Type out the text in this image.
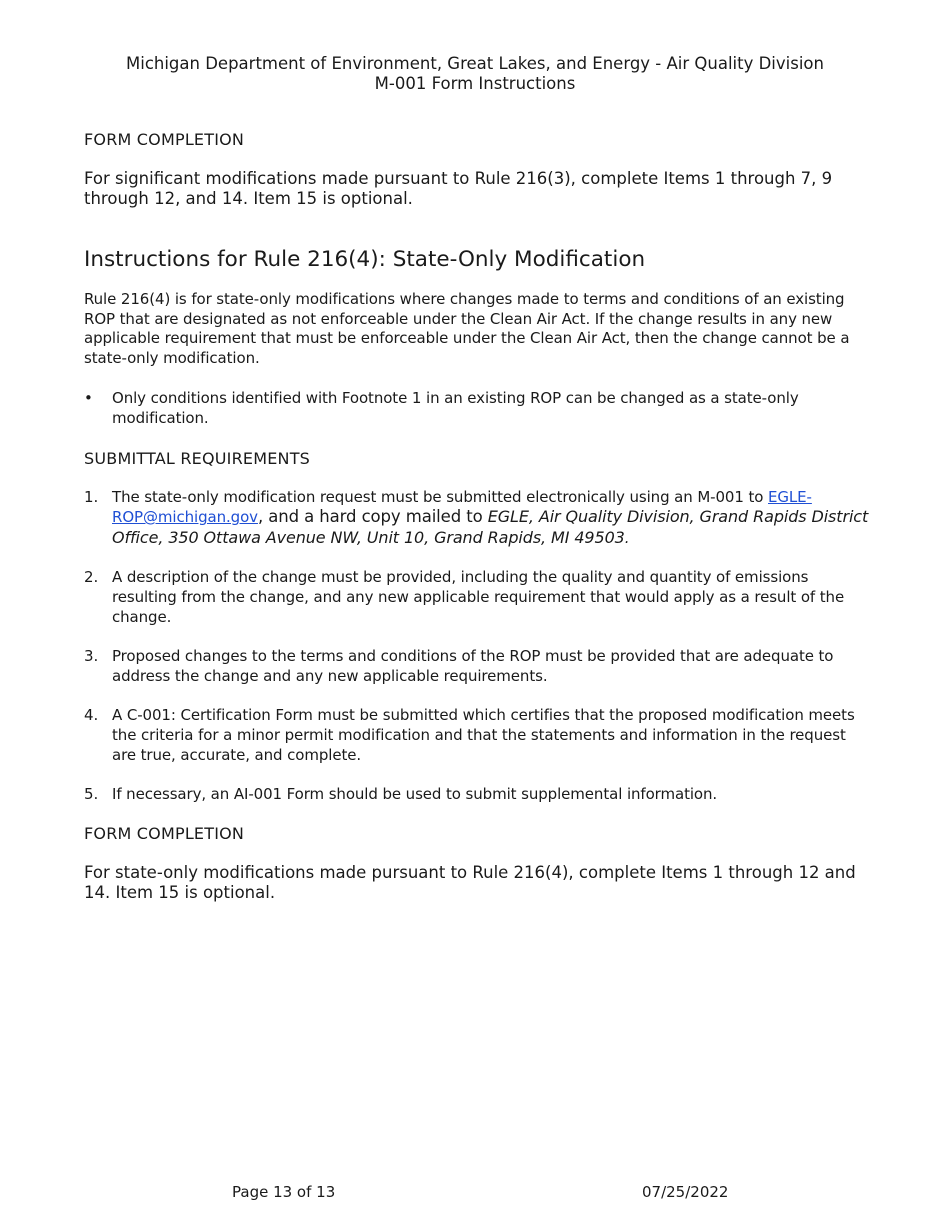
Michigan Department of Environment, Great Lakes, and Energy - Air Quality Division
M-001 Form Instructions

FORM COMPLETION

For significant modifications made pursuant to Rule 216(3), complete Items 1 through 7, 9 through 12, and 14. Item 15 is optional.

Instructions for Rule 216(4): State-Only Modification

Rule 216(4) is for state-only modifications where changes made to terms and conditions of an existing ROP that are designated as not enforceable under the Clean Air Act. If the change results in any new applicable requirement that must be enforceable under the Clean Air Act, then the change cannot be a state-only modification.

• Only conditions identified with Footnote 1 in an existing ROP can be changed as a state-only modification.

SUBMITTAL REQUIREMENTS

1. The state-only modification request must be submitted electronically using an M-001 to EGLE-ROP@michigan.gov, and a hard copy mailed to EGLE, Air Quality Division, Grand Rapids District Office, 350 Ottawa Avenue NW, Unit 10, Grand Rapids, MI 49503.
2. A description of the change must be provided, including the quality and quantity of emissions resulting from the change, and any new applicable requirement that would apply as a result of the change.
3. Proposed changes to the terms and conditions of the ROP must be provided that are adequate to address the change and any new applicable requirements.
4. A C-001: Certification Form must be submitted which certifies that the proposed modification meets the criteria for a minor permit modification and that the statements and information in the request are true, accurate, and complete.
5. If necessary, an AI-001 Form should be used to submit supplemental information.

FORM COMPLETION

For state-only modifications made pursuant to Rule 216(4), complete Items 1 through 12 and 14. Item 15 is optional.

Page 13 of 13	07/25/2022
